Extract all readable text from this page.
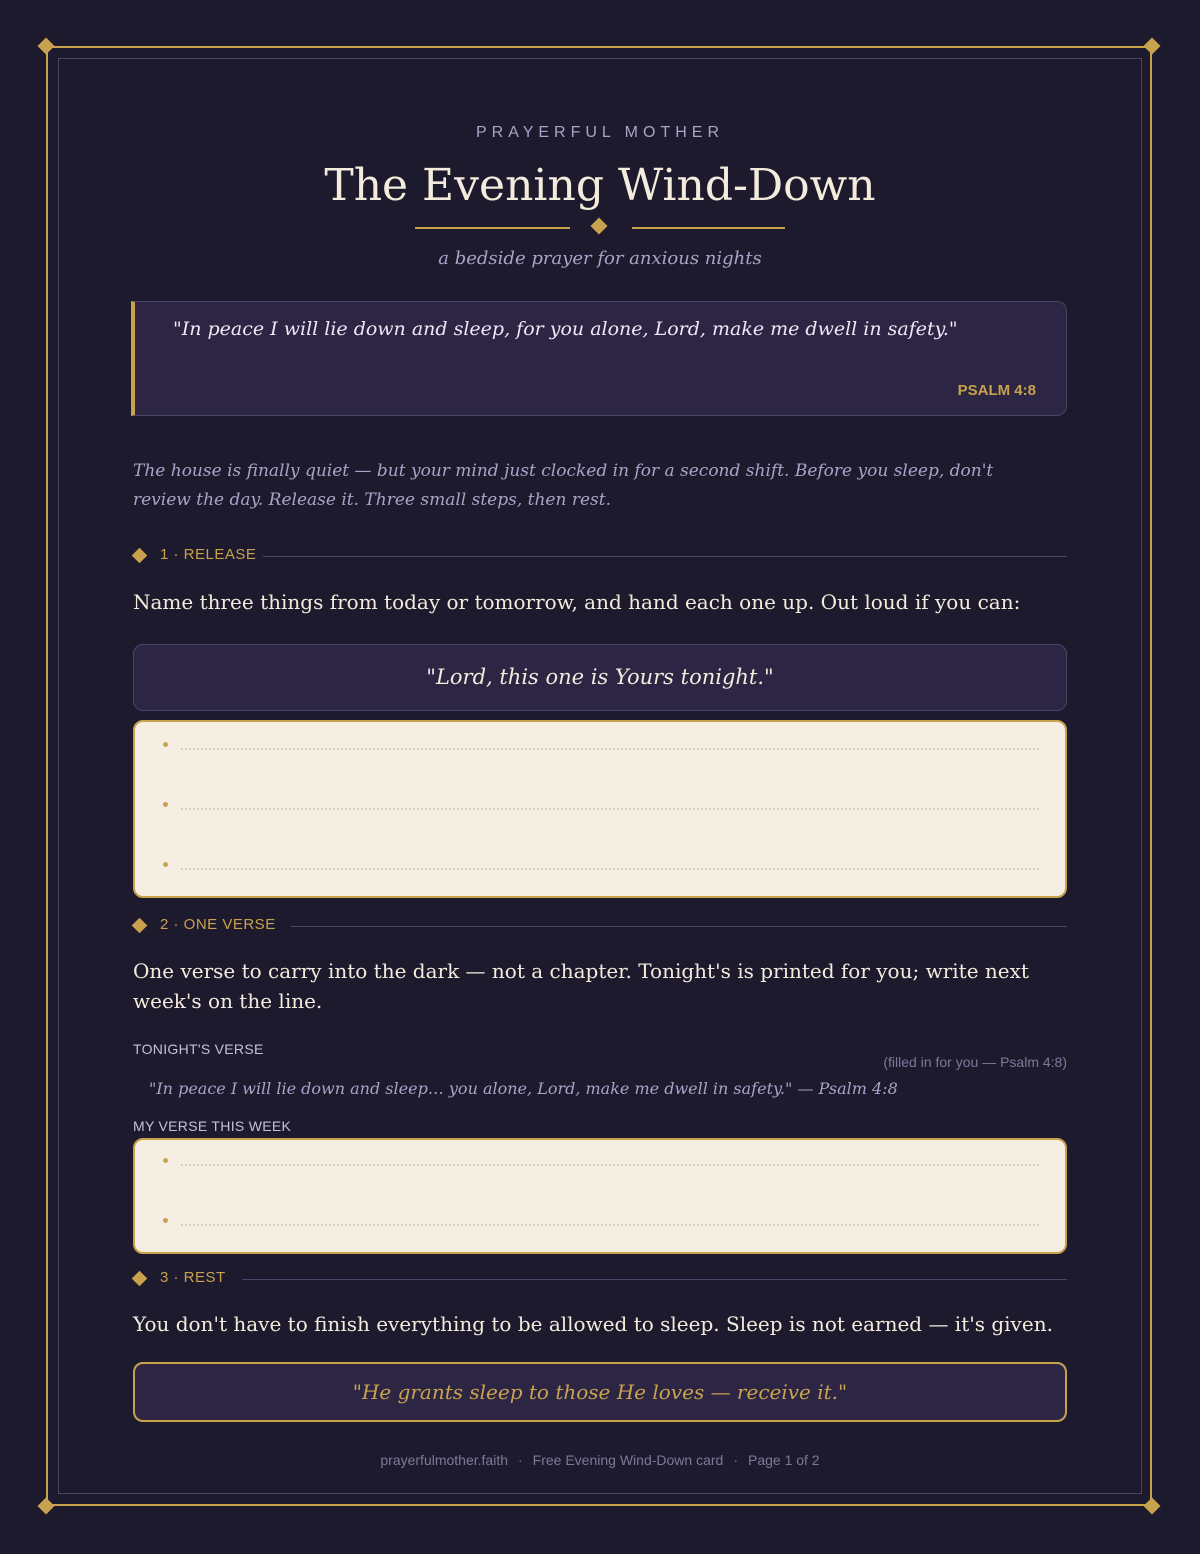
PRAYERFUL MOTHER
The Evening Wind-Down
a bedside prayer for anxious nights
"In peace I will lie down and sleep, for you alone, Lord, make me dwell in safety."
PSALM 4:8
The house is finally quiet — but your mind just clocked in for a second shift. Before you sleep, don't review the day. Release it. Three small steps, then rest.
1 · RELEASE
Name three things from today or tomorrow, and hand each one up. Out loud if you can:
"Lord, this one is Yours tonight."
2 · ONE VERSE
One verse to carry into the dark — not a chapter. Tonight's is printed for you; write next week's on the line.
TONIGHT'S VERSE
(filled in for you — Psalm 4:8)
"In peace I will lie down and sleep… you alone, Lord, make me dwell in safety." — Psalm 4:8
MY VERSE THIS WEEK
3 · REST
You don't have to finish everything to be allowed to sleep. Sleep is not earned — it's given.
"He grants sleep to those He loves — receive it."
prayerfulmother.faith · Free Evening Wind-Down card · Page 1 of 2
